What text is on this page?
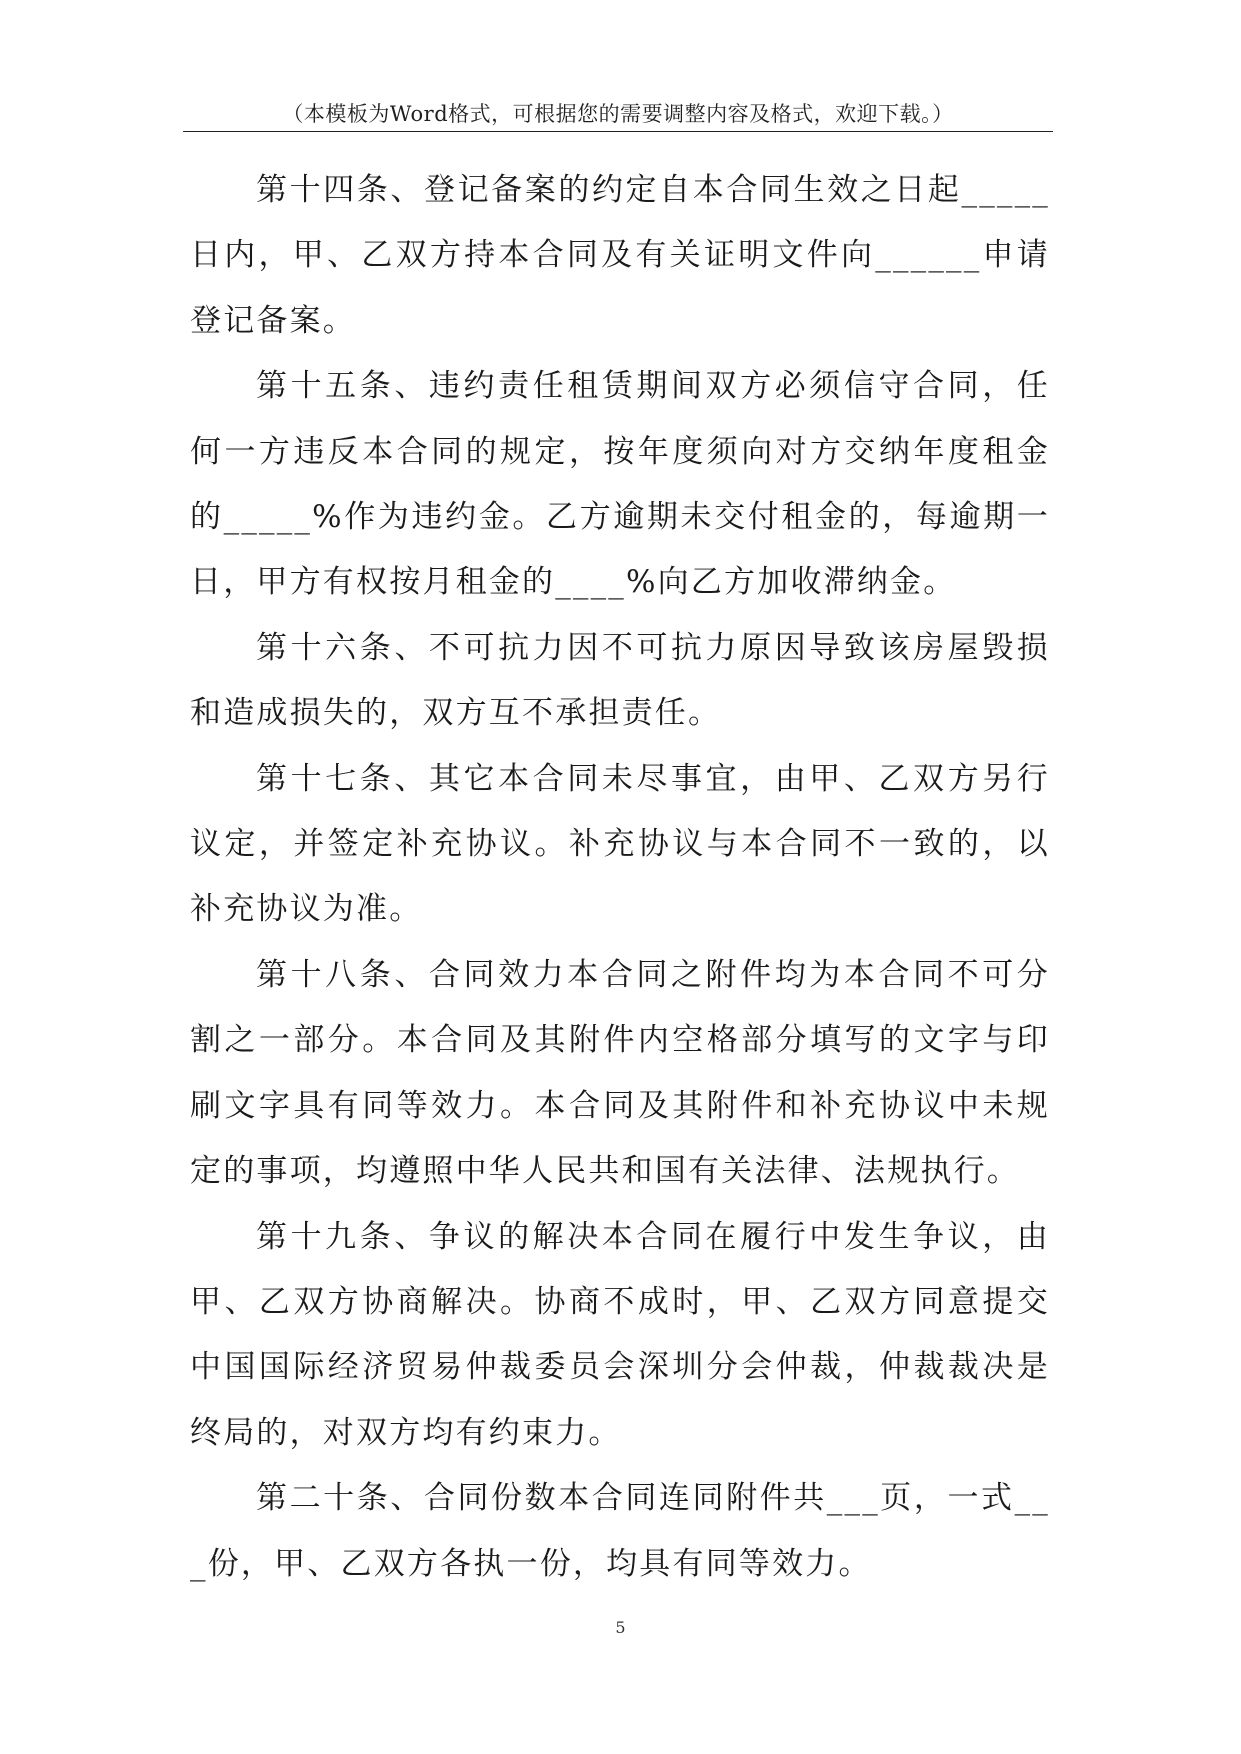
（本模板为Word格式，可根据您的需要调整内容及格式，欢迎下载。）

第十四条、登记备案的约定自本合同生效之日起_____日内，甲、乙双方持本合同及有关证明文件向______申请登记备案。

第十五条、违约责任租赁期间双方必须信守合同，任何一方违反本合同的规定，按年度须向对方交纳年度租金的_____%作为违约金。乙方逾期未交付租金的，每逾期一日，甲方有权按月租金的____%向乙方加收滞纳金。

第十六条、不可抗力因不可抗力原因导致该房屋毁损和造成损失的，双方互不承担责任。

第十七条、其它本合同未尽事宜，由甲、乙双方另行议定，并签定补充协议。补充协议与本合同不一致的，以补充协议为准。

第十八条、合同效力本合同之附件均为本合同不可分割之一部分。本合同及其附件内空格部分填写的文字与印刷文字具有同等效力。本合同及其附件和补充协议中未规定的事项，均遵照中华人民共和国有关法律、法规执行。

第十九条、争议的解决本合同在履行中发生争议，由甲、乙双方协商解决。协商不成时，甲、乙双方同意提交中国国际经济贸易仲裁委员会深圳分会仲裁，仲裁裁决是终局的，对双方均有约束力。

第二十条、合同份数本合同连同附件共___页，一式___份，甲、乙双方各执一份，均具有同等效力。

5
